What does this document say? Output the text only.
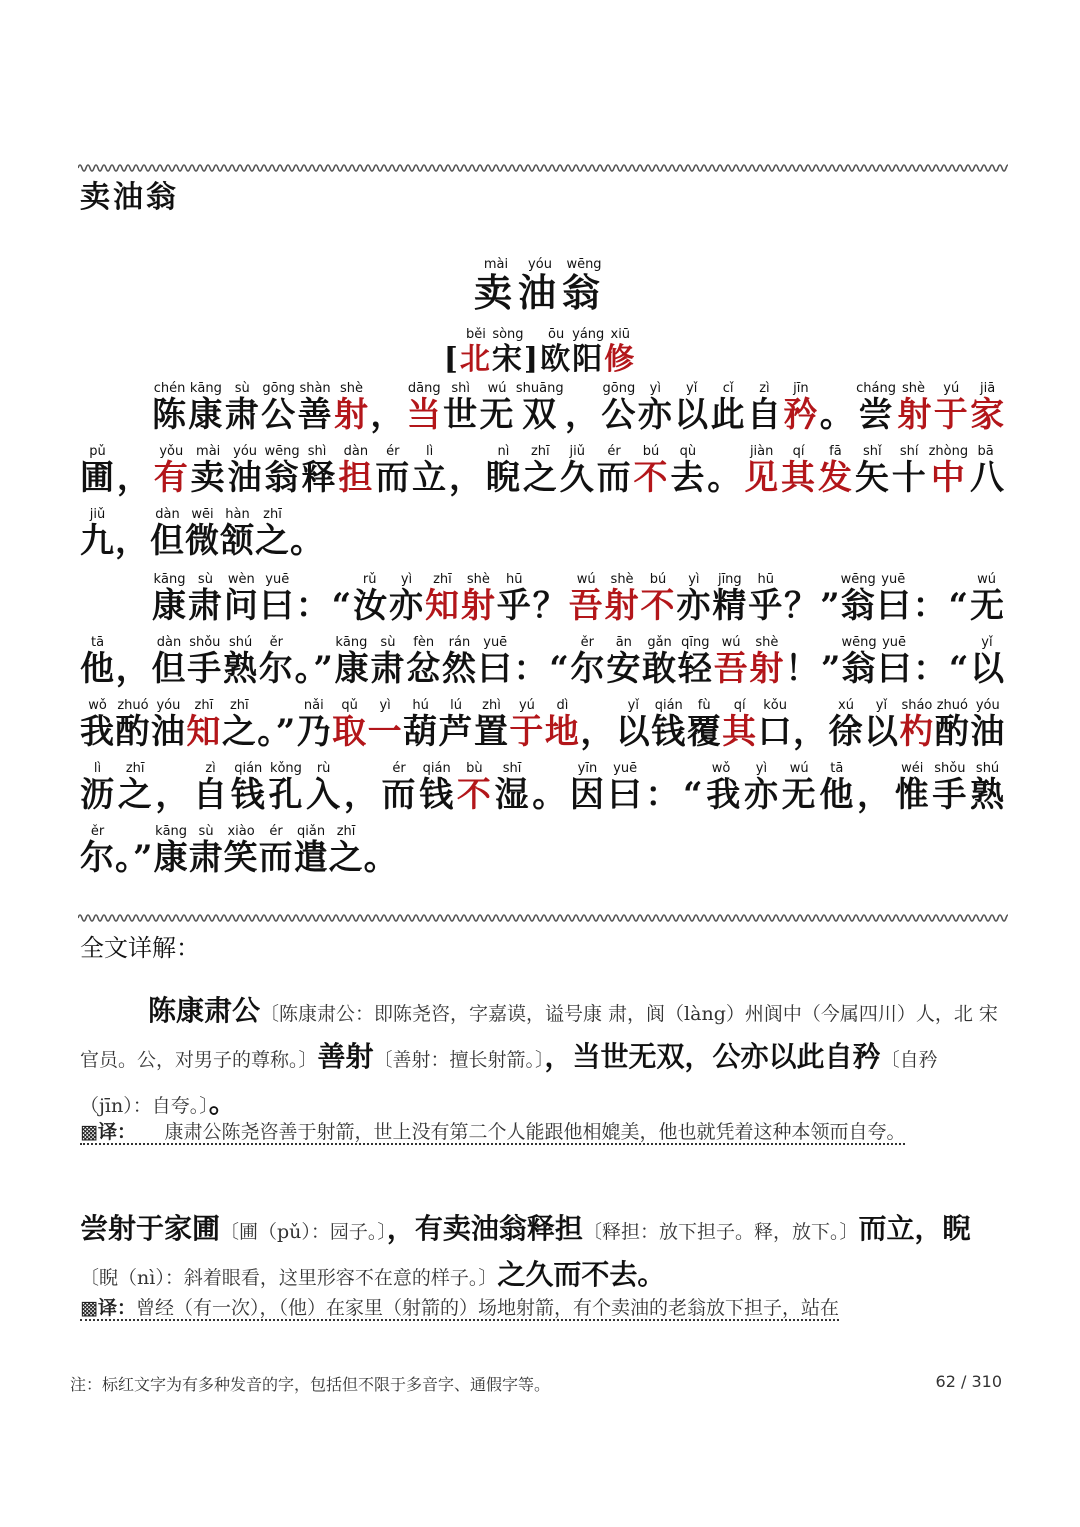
卖油翁
卖mài油yóu翁wēng
[ 北běi宋sòng] 欧ōu阳yáng修xiū

陈chén康kāng肃sù公gōng善shàn射shè， 当dāng世shì无wú双shuāng， 公gōng亦yì以yǐ此cǐ自zì矜jīn。 尝cháng射shè于yú家jiā圃pǔ， 有yǒu卖mài油yóu翁wēng释shì担dàn而ér立lì， 睨nì之zhī久jiǔ而ér不bú去qù。 见jiàn其qí发fā矢shǐ十shí中zhòng八bā九jiǔ， 但dàn微wēi颔hàn之zhī。

康kāng肃sù问wèn曰yuē：“ 汝rǔ亦yì知zhī射shè乎hū？ 吾wú射shè不bú亦yì精jīng乎hū？” 翁wēng曰yuē：“ 无wú他tā， 但dàn手shǒu熟shú尔ěr。” 康kāng肃sù忿fèn然rán曰yuē：“ 尔ěr安ān敢gǎn轻qīng吾wú射shè！” 翁wēng曰yuē：“ 以yǐ我wǒ酌zhuó油yóu知zhī之zhī。” 乃nǎi取qǔ一yì葫hú芦lú置zhì于yú地dì， 以yǐ钱qián覆fù其qí口kǒu， 徐xú以yǐ杓sháo酌zhuó油yóu沥lì之zhī， 自zì钱qián孔kǒng入rù， 而ér钱qián不bù湿shī。 因yīn曰yuē：“ 我wǒ亦yì无wú他tā， 惟wéi手shǒu熟shú尔ěr。” 康kāng肃sù笑xiào而ér遣qiǎn之zhī。

全文详解：
陈康肃公〔陈康肃公：即陈尧咨，字嘉谟，谥号康 肃，阆（làng）州阆中（今属四川）人，北 宋官员。公，对男子的尊称。〕善射〔善射：擅长射箭。〕，当世无双，公亦以此自矜〔自矜（jīn）：自夸。〕。
▩译：　　康肃公陈尧咨善于射箭，世上没有第二个人能跟他相媲美，他也就凭着这种本领而自夸。
尝射于家圃〔圃（pǔ）：园子。〕，有卖油翁释担〔释担：放下担子。释，放下。〕而立，睨〔睨（nì）：斜着眼看，这里形容不在意的样子。〕之久而不去。
▩译：曾经（有一次），（他）在家里（射箭的）场地射箭，有个卖油的老翁放下担子，站在
注：标红文字为有多种发音的字，包括但不限于多音字、通假字等。	62 / 310
